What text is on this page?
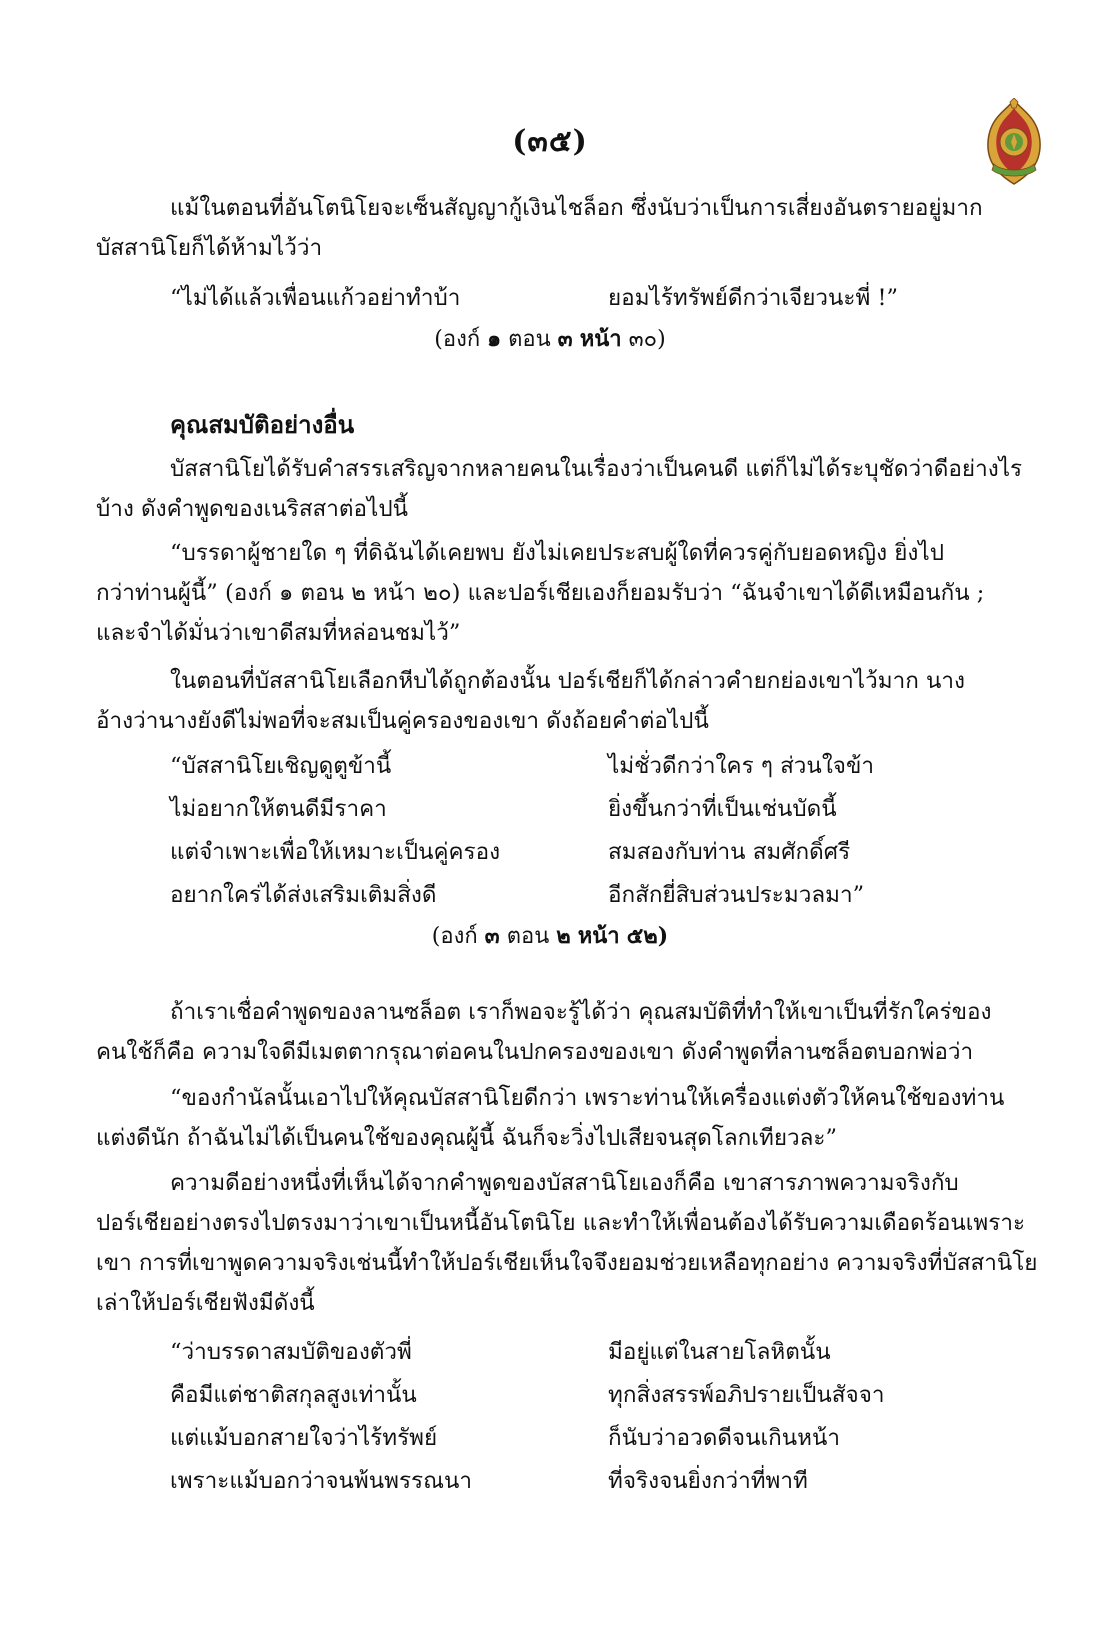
(๓๕)
แม้ในตอนที่อันโตนิโยจะเซ็นสัญญากู้เงินไชล็อก ซึ่งนับว่าเป็นการเสี่ยงอันตรายอยู่มาก
บัสสานิโยก็ได้ห้ามไว้ว่า
“ไม่ได้แล้วเพื่อนแก้วอย่าทำบ้า	ยอมไร้ทรัพย์ดีกว่าเจียวนะพี่ !”
(องก์ ๑ ตอน ๓ หน้า ๓๐)
คุณสมบัติอย่างอื่น
บัสสานิโยได้รับคำสรรเสริญจากหลายคนในเรื่องว่าเป็นคนดี แต่ก็ไม่ได้ระบุชัดว่าดีอย่างไร
บ้าง ดังคำพูดของเนริสสาต่อไปนี้
“บรรดาผู้ชายใด ๆ ที่ดิฉันได้เคยพบ ยังไม่เคยประสบผู้ใดที่ควรคู่กับยอดหญิง ยิ่งไป
กว่าท่านผู้นี้” (องก์ ๑ ตอน ๒ หน้า ๒๐) และปอร์เชียเองก็ยอมรับว่า “ฉันจำเขาได้ดีเหมือนกัน ;
และจำได้มั่นว่าเขาดีสมที่หล่อนชมไว้”
ในตอนที่บัสสานิโยเลือกหีบได้ถูกต้องนั้น ปอร์เชียก็ได้กล่าวคำยกย่องเขาไว้มาก นาง
อ้างว่านางยังดีไม่พอที่จะสมเป็นคู่ครองของเขา ดังถ้อยคำต่อไปนี้
“บัสสานิโยเชิญดูตูข้านี้	ไม่ชั่วดีกว่าใคร ๆ ส่วนใจข้า
ไม่อยากให้ตนดีมีราคา	ยิ่งขึ้นกว่าที่เป็นเช่นบัดนี้
แต่จำเพาะเพื่อให้เหมาะเป็นคู่ครอง	สมสองกับท่าน สมศักดิ์ศรี
อยากใคร่ได้ส่งเสริมเติมสิ่งดี	อีกสักยี่สิบส่วนประมวลมา”
(องก์ ๓ ตอน ๒ หน้า ๕๒)
ถ้าเราเชื่อคำพูดของลานซล็อต เราก็พอจะรู้ได้ว่า คุณสมบัติที่ทำให้เขาเป็นที่รักใคร่ของ
คนใช้ก็คือ ความใจดีมีเมตตากรุณาต่อคนในปกครองของเขา ดังคำพูดที่ลานซล็อตบอกพ่อว่า
“ของกำนัลนั้นเอาไปให้คุณบัสสานิโยดีกว่า เพราะท่านให้เครื่องแต่งตัวให้คนใช้ของท่าน
แต่งดีนัก ถ้าฉันไม่ได้เป็นคนใช้ของคุณผู้นี้ ฉันก็จะวิ่งไปเสียจนสุดโลกเทียวละ”
ความดีอย่างหนึ่งที่เห็นได้จากคำพูดของบัสสานิโยเองก็คือ เขาสารภาพความจริงกับ
ปอร์เชียอย่างตรงไปตรงมาว่าเขาเป็นหนี้อันโตนิโย และทำให้เพื่อนต้องได้รับความเดือดร้อนเพราะ
เขา การที่เขาพูดความจริงเช่นนี้ทำให้ปอร์เชียเห็นใจจึงยอมช่วยเหลือทุกอย่าง ความจริงที่บัสสานิโย
เล่าให้ปอร์เชียฟังมีดังนี้
“ว่าบรรดาสมบัติของตัวพี่	มีอยู่แต่ในสายโลหิตนั้น
คือมีแต่ชาติสกุลสูงเท่านั้น	ทุกสิ่งสรรพ์อภิปรายเป็นสัจจา
แต่แม้บอกสายใจว่าไร้ทรัพย์	ก็นับว่าอวดดีจนเกินหน้า
เพราะแม้บอกว่าจนพ้นพรรณนา	ที่จริงจนยิ่งกว่าที่พาที
